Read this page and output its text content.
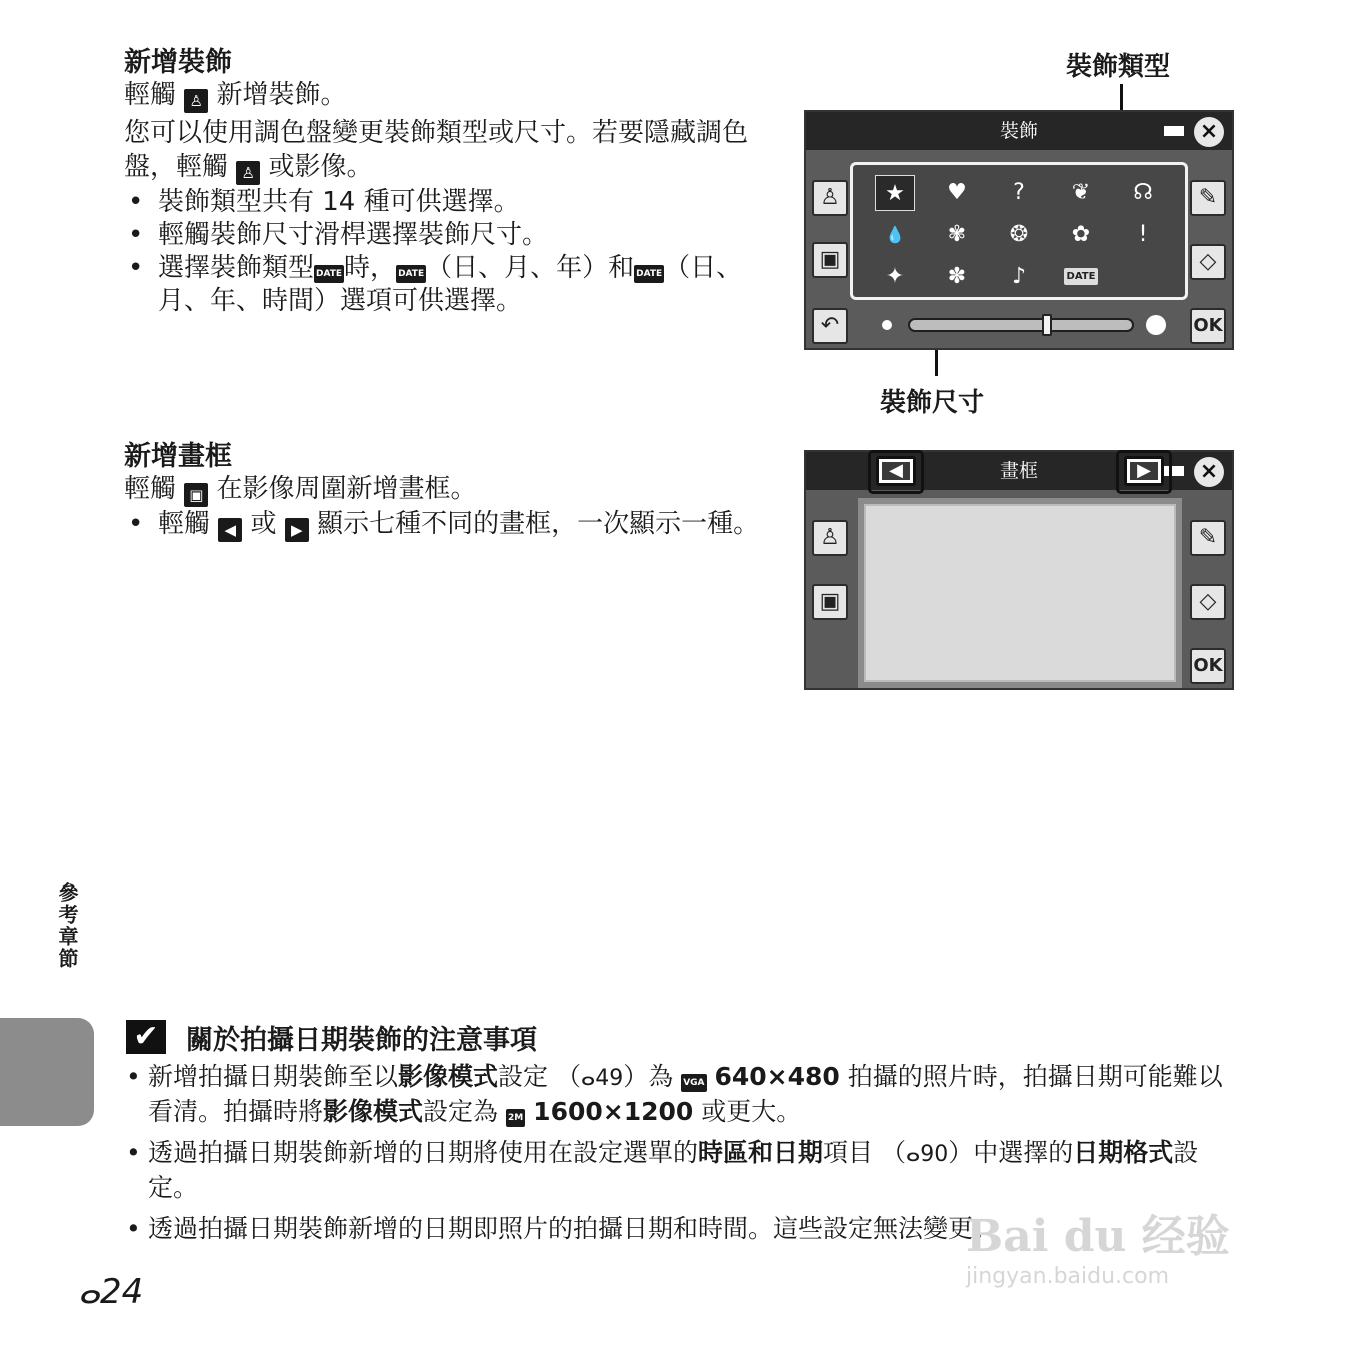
新增裝飾
輕觸 ♙ 新增裝飾。
您可以使用調色盤變更裝飾類型或尺寸。若要隱藏調色盤，輕觸 ♙ 或影像。
• 裝飾類型共有 14 種可供選擇。
• 輕觸裝飾尺寸滑桿選擇裝飾尺寸。
• 選擇裝飾類型 DATE時， DATE（日、月、年）和 DATE（日、月、年、時間）選項可供選擇。
裝飾類型
裝飾尺寸
裝飾	×
♙
▣
↶
✎
◇
OK
★	♥	?	❦	☊
💧	✾	❂	✿	!
✦	✽	♪	DATE
新增畫框
輕觸 ▣ 在影像周圍新增畫框。
• 輕觸 ◀ 或 ▶ 顯示七種不同的畫框，一次顯示一種。
畫框	×
◀	▶
♙
▣
✎
◇
OK
參考章節
✔ 關於拍攝日期裝飾的注意事項
• 新增拍攝日期裝飾至以影像模式設定 （ⴰ49）為 VGA 640×480 拍攝的照片時，拍攝日期可能難以看清。拍攝時將影像模式設定為 2M 1600×1200 或更大。
• 透過拍攝日期裝飾新增的日期將使用在設定選單的時區和日期項目 （ⴰ90）中選擇的日期格式設定。
• 透過拍攝日期裝飾新增的日期即照片的拍攝日期和時間。這些設定無法變更。
ⴰ24
Bai du 经验
jingyan.baidu.com
